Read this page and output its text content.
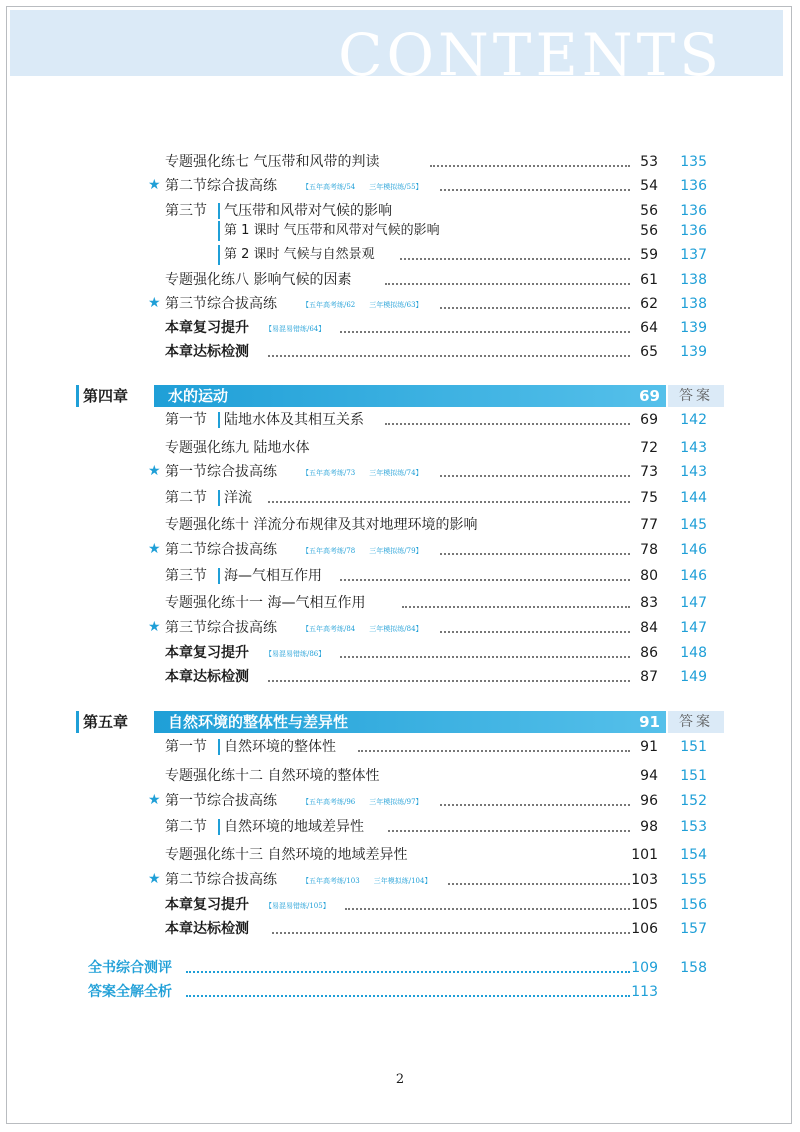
CONTENTS
专题强化练七 气压带和风带的判读	53 135
★ 第二节综合拔高练	【五年高考练/54 三年模拟练/55】	54 136
第三节 气压带和风带对气候的影响	56 136
第 1 课时 气压带和风带对气候的影响	56 136
第 2 课时 气候与自然景观	59 137
专题强化练八 影响气候的因素	61 138
★ 第三节综合拔高练	【五年高考练/62 三年模拟练/63】	62 138
本章复习提升 【易混易错练/64】	64 139
本章达标检测	65 139
第四章	水的运动	69	答案
第一节 陆地水体及其相互关系	69 142
专题强化练九 陆地水体	72 143
★ 第一节综合拔高练	【五年高考练/73 三年模拟练/74】	73 143
第二节 洋流	75 144
专题强化练十 洋流分布规律及其对地理环境的影响	77 145
★ 第二节综合拔高练	【五年高考练/78 三年模拟练/79】	78 146
第三节 海—气相互作用	80 146
专题强化练十一 海—气相互作用	83 147
★ 第三节综合拔高练	【五年高考练/84 三年模拟练/84】	84 147
本章复习提升 【易混易错练/86】	86 148
本章达标检测	87 149
第五章	自然环境的整体性与差异性	91	答案
第一节 自然环境的整体性	91 151
专题强化练十二 自然环境的整体性	94 151
★ 第一节综合拔高练	【五年高考练/96 三年模拟练/97】	96 152
第二节 自然环境的地域差异性	98 153
专题强化练十三 自然环境的地域差异性	101 154
★ 第二节综合拔高练	【五年高考练/103 三年模拟练/104】	103 155
本章复习提升 【易混易错练/105】	105 156
本章达标检测	106 157
全书综合测评	109 158
答案全解全析	113
2
